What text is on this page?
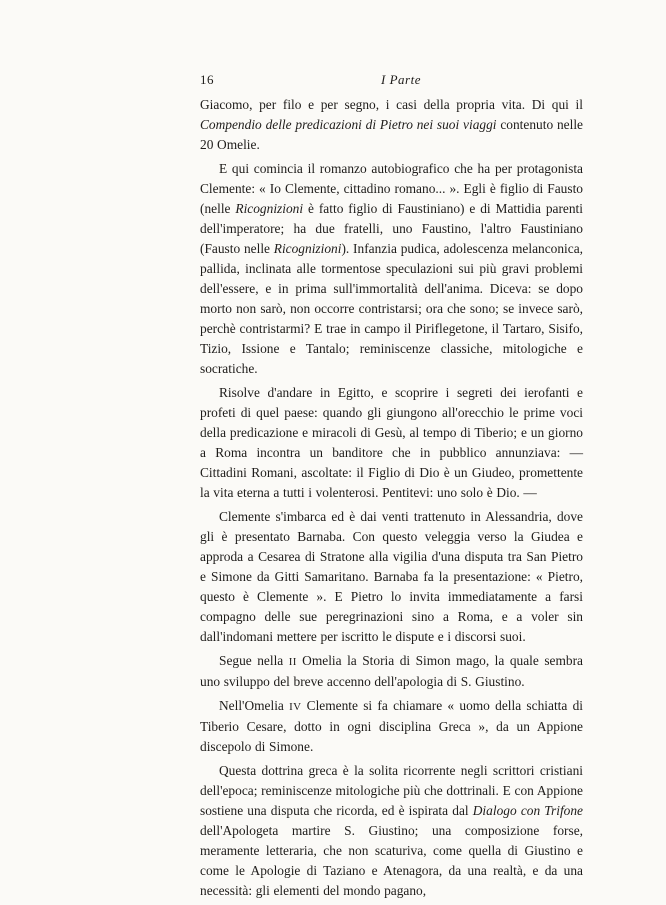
16	I Parte

Giacomo, per filo e per segno, i casi della propria vita. Di qui il Compendio delle predicazioni di Pietro nei suoi viaggi contenuto nelle 20 Omelie.

E qui comincia il romanzo autobiografico che ha per protagonista Clemente: « Io Clemente, cittadino romano... ». Egli è figlio di Fausto (nelle Ricognizioni è fatto figlio di Faustiniano) e di Mattidia parenti dell'imperatore; ha due fratelli, uno Faustino, l'altro Faustiniano (Fausto nelle Ricognizioni). Infanzia pudica, adolescenza melanconica, pallida, inclinata alle tormentose speculazioni sui più gravi problemi dell'essere, e in prima sull'immortalità dell'anima. Diceva: se dopo morto non sarò, non occorre contristarsi; ora che sono; se invece sarò, perchè contristarmi? E trae in campo il Piriflegetone, il Tartaro, Sisifo, Tizio, Issione e Tantalo; reminiscenze classiche, mitologiche e socratiche.

Risolve d'andare in Egitto, e scoprire i segreti dei ierofanti e profeti di quel paese: quando gli giungono all'orecchio le prime voci della predicazione e miracoli di Gesù, al tempo di Tiberio; e un giorno a Roma incontra un banditore che in pubblico annunziava: — Cittadini Romani, ascoltate: il Figlio di Dio è un Giudeo, promettente la vita eterna a tutti i volenterosi. Pentitevi: uno solo è Dio. —

Clemente s'imbarca ed è dai venti trattenuto in Alessandria, dove gli è presentato Barnaba. Con questo veleggia verso la Giudea e approda a Cesarea di Stratone alla vigilia d'una disputa tra San Pietro e Simone da Gitti Samaritano. Barnaba fa la presentazione: « Pietro, questo è Clemente ». E Pietro lo invita immediatamente a farsi compagno delle sue peregrinazioni sino a Roma, e a voler sin dall'indomani mettere per iscritto le dispute e i discorsi suoi.

Segue nella II Omelia la Storia di Simon mago, la quale sembra uno sviluppo del breve accenno dell'apologia di S. Giustino.

Nell'Omelia IV Clemente si fa chiamare « uomo della schiatta di Tiberio Cesare, dotto in ogni disciplina Greca », da un Appione discepolo di Simone.

Questa dottrina greca è la solita ricorrente negli scrittori cristiani dell'epoca; reminiscenze mitologiche più che dottrinali. E con Appione sostiene una disputa che ricorda, ed è ispirata dal Dialogo con Trifone dell'Apologeta martire S. Giustino; una composizione forse, meramente letteraria, che non scaturiva, come quella di Giustino e come le Apologie di Taziano e Atenagora, da una realtà, e da una necessità: gli elementi del mondo pagano,
